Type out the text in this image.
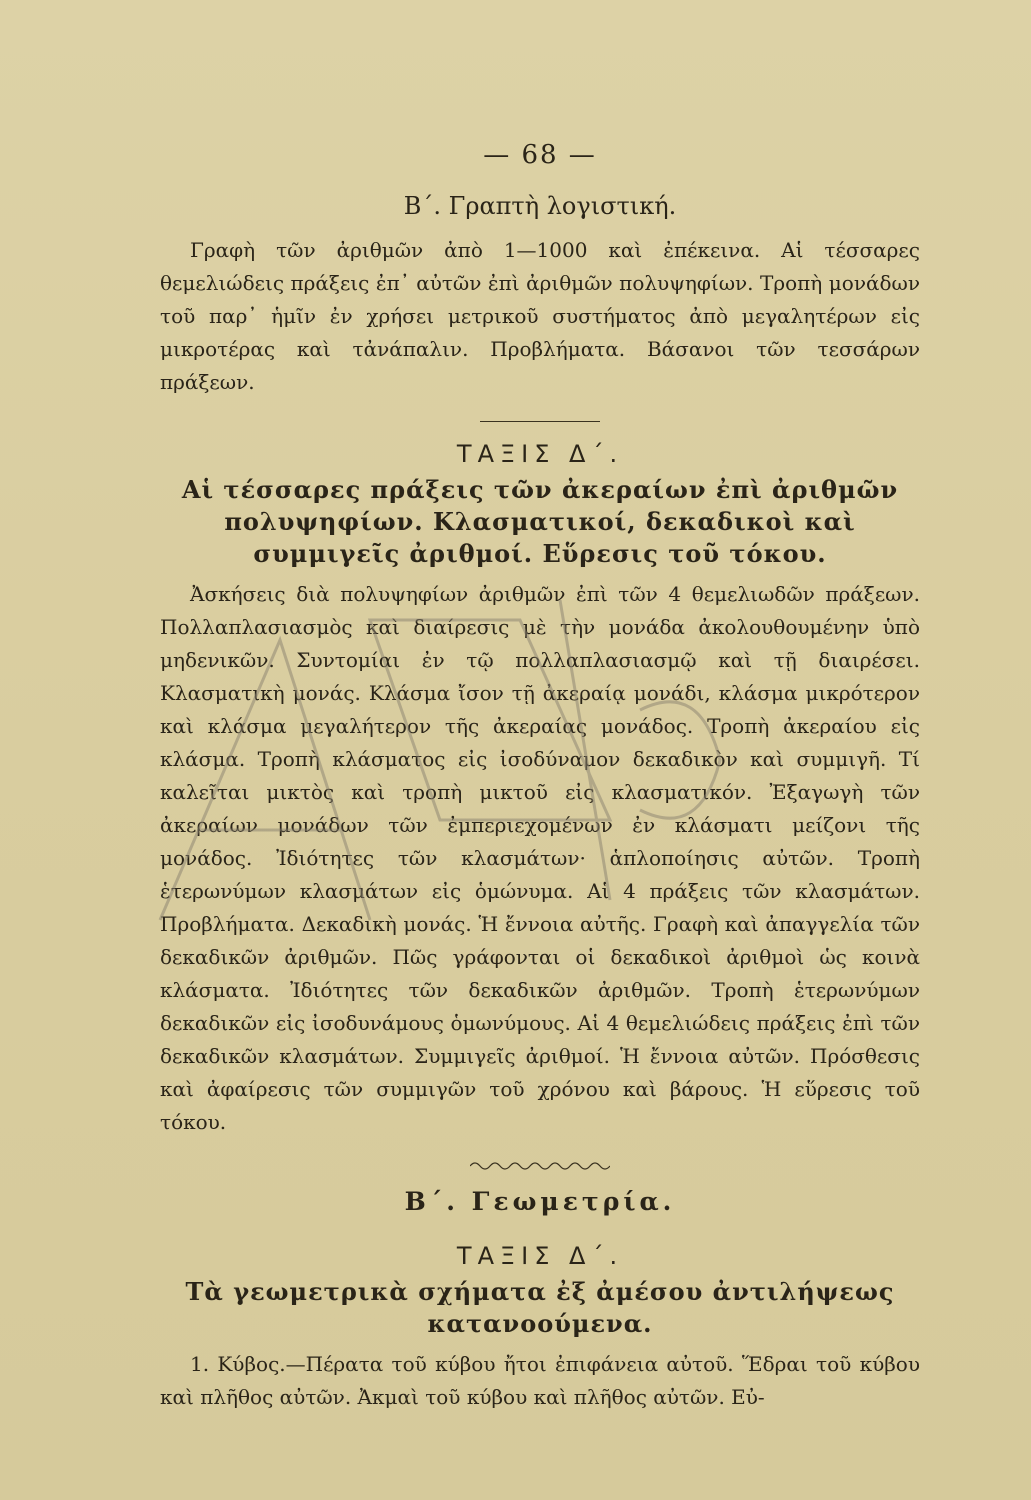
— 68 —
Β΄. Γραπτὴ λογιστική.

Γραφὴ τῶν ἀριθμῶν ἀπὸ 1—1000 καὶ ἐπέκεινα. Αἱ τέσσαρες θεμελιώδεις πράξεις ἐπ᾽ αὐτῶν ἐπὶ ἀριθμῶν πολυψηφίων. Τροπὴ μονάδων τοῦ παρ᾽ ἡμῖν ἐν χρήσει μετρικοῦ συστήματος ἀπὸ μεγαλητέρων εἰς μικροτέρας καὶ τἀνάπαλιν. Προβλήματα. Βάσανοι τῶν τεσσάρων πράξεων.

ΤΑΞΙΣ Δ΄.
Αἱ τέσσαρες πράξεις τῶν ἀκεραίων ἐπὶ ἀριθμῶν πολυψηφίων. Κλασματικοί, δεκαδικοὶ καὶ συμμιγεῖς ἀριθμοί. Εὕρεσις τοῦ τόκου.

Ἀσκήσεις διὰ πολυψηφίων ἀριθμῶν ἐπὶ τῶν 4 θεμελιωδῶν πράξεων. Πολλαπλασιασμὸς καὶ διαίρεσις μὲ τὴν μονάδα ἀκολουθουμένην ὑπὸ μηδενικῶν. Συντομίαι ἐν τῷ πολλαπλασιασμῷ καὶ τῇ διαιρέσει. Κλασματικὴ μονάς. Κλάσμα ἴσον τῇ ἀκεραίᾳ μονάδι, κλάσμα μικρότερον καὶ κλάσμα μεγαλήτερον τῆς ἀκεραίας μονάδος. Τροπὴ ἀκεραίου εἰς κλάσμα. Τροπὴ κλάσματος εἰς ἰσοδύναμον δεκαδικὸν καὶ συμμιγῆ. Τί καλεῖται μικτὸς καὶ τροπὴ μικτοῦ εἰς κλασματικόν. Ἐξαγωγὴ τῶν ἀκεραίων μονάδων τῶν ἐμπεριεχομένων ἐν κλάσματι μείζονι τῆς μονάδος. Ἰδιότητες τῶν κλασμάτων· ἁπλοποίησις αὐτῶν. Τροπὴ ἑτερωνύμων κλασμάτων εἰς ὁμώνυμα. Αἱ 4 πράξεις τῶν κλασμάτων. Προβλήματα. Δεκαδικὴ μονάς. Ἡ ἔννοια αὐτῆς. Γραφὴ καὶ ἀπαγγελία τῶν δεκαδικῶν ἀριθμῶν. Πῶς γράφονται οἱ δεκαδικοὶ ἀριθμοὶ ὡς κοινὰ κλάσματα. Ἰδιότητες τῶν δεκαδικῶν ἀριθμῶν. Τροπὴ ἑτερωνύμων δεκαδικῶν εἰς ἰσοδυνάμους ὁμωνύμους. Αἱ 4 θεμελιώδεις πράξεις ἐπὶ τῶν δεκαδικῶν κλασμάτων. Συμμιγεῖς ἀριθμοί. Ἡ ἔννοια αὐτῶν. Πρόσθεσις καὶ ἀφαίρεσις τῶν συμμιγῶν τοῦ χρόνου καὶ βάρους. Ἡ εὕρεσις τοῦ τόκου.

Β΄. Γεωμετρία.
ΤΑΞΙΣ Δ΄.
Τὰ γεωμετρικὰ σχήματα ἐξ ἀμέσου ἀντιλήψεως κατανοούμενα.

1. Κύβος.—Πέρατα τοῦ κύβου ἤτοι ἐπιφάνεια αὐτοῦ. Ἕδραι τοῦ κύβου καὶ πλῆθος αὐτῶν. Ἀκμαὶ τοῦ κύβου καὶ πλῆθος αὐτῶν. Εὐ-
